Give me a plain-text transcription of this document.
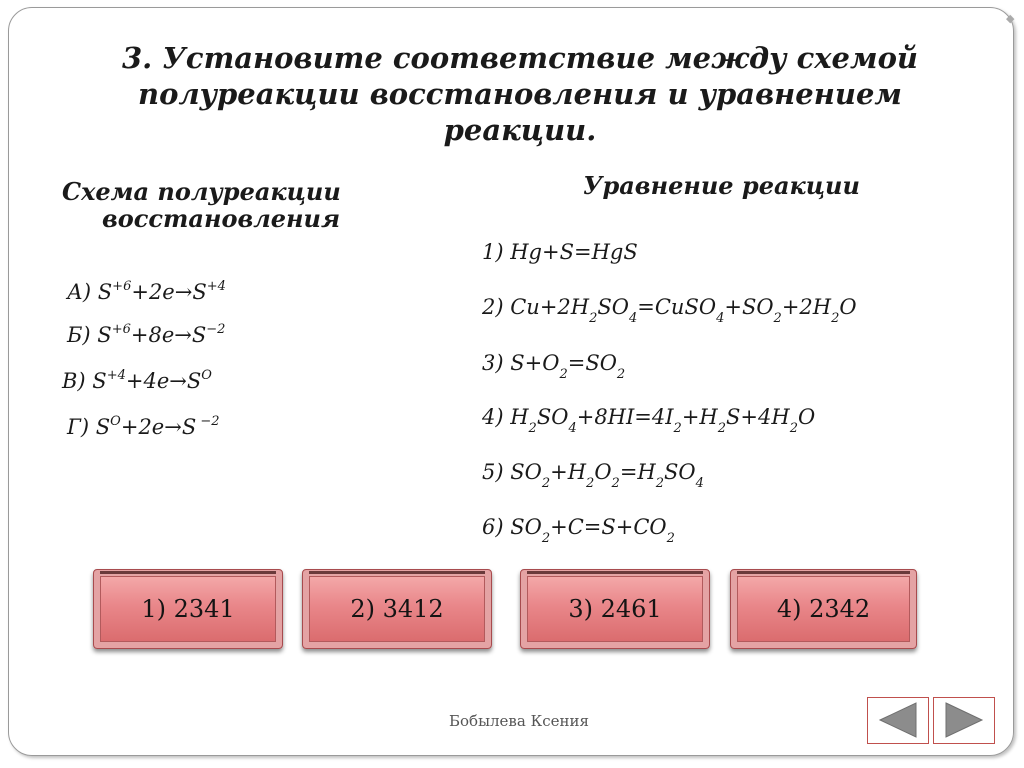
◆
3. Установите соответствие между схемой полуреакции восстановления и уравнением реакции.
Схема полуреакции
восстановления
Уравнение реакции
А) $S^{+6}+2e\to S^{+4}$
Б) $S^{+6}+8e\to S^{-2}$
В) $S^{+4}+4e\to S^O$
Г) $S^O+2e\to S$ $^{-2}$
1) Hg+S=HgS
2) $Cu+2H_2SO_4=CuSO_4+SO_2+2H_2O$
3) $S+O_2=SO_2$
4) $H_2SO_4+8HI=4I_2+H_2S+4H_2O$
5) $SO_2+H_2O_2=H_2SO_4$
6) $SO_2+C=S+CO_2$
1) 2341	2) 3412	3) 2461	4) 2342
Бобылева Ксения
